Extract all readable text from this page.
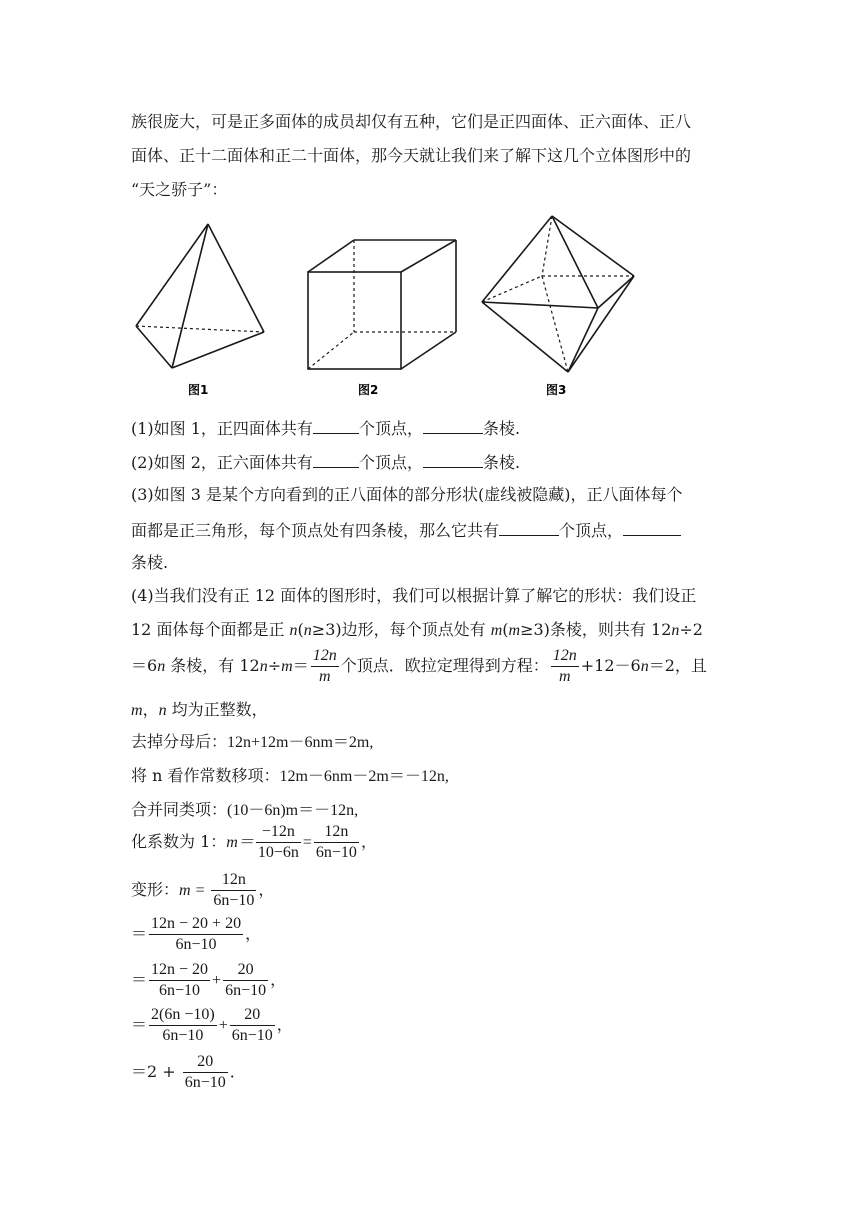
族很庞大，可是正多面体的成员却仅有五种，它们是正四面体、正六面体、正八
面体、正十二面体和正二十面体，那今天就让我们来了解下这几个立体图形中的
“天之骄子”：
图1	图2	图3
(1)如图 1，正四面体共有	个顶点，	条棱.
(2)如图 2，正六面体共有	个顶点，	条棱.
(3)如图 3 是某个方向看到的正八面体的部分形状(虚线被隐藏)，正八面体每个
面都是正三角形，每个顶点处有四条棱，那么它共有	个顶点，
条棱.
(4)当我们没有正 12 面体的图形时，我们可以根据计算了解它的形状：我们设正
12 面体每个面都是正 n(n≥3)边形，每个顶点处有 m(m≥3)条棱，则共有 12n÷2
＝6n 条棱，有 $12n\div m= \frac{12n}{m}$ 个顶点．欧拉定理得到方程： $\frac{12n}{m} +12-6n=2$，且
m，n 均为正整数，
去掉分母后：12n+12m－6nm＝2m,
将 n 看作常数移项：12m－6nm－2m＝－12n,
合并同类项：(10－6n)m＝－12n,
化系数为 1：$m= \frac{-12n}{10-6n} = \frac{12n}{6n-10}$ ，
变形：$m = \frac{12n}{6n-10}$ ，
＝ $\frac{12n - 20 + 20}{6n-10}$ ，
＝ $\frac{12n - 20}{6n-10} + \frac{20}{6n-10}$ ，
＝ $\frac{2(6n -10)}{6n-10} + \frac{20}{6n-10}$ ，
$=2 + \frac{20}{6n-10}$ ．
